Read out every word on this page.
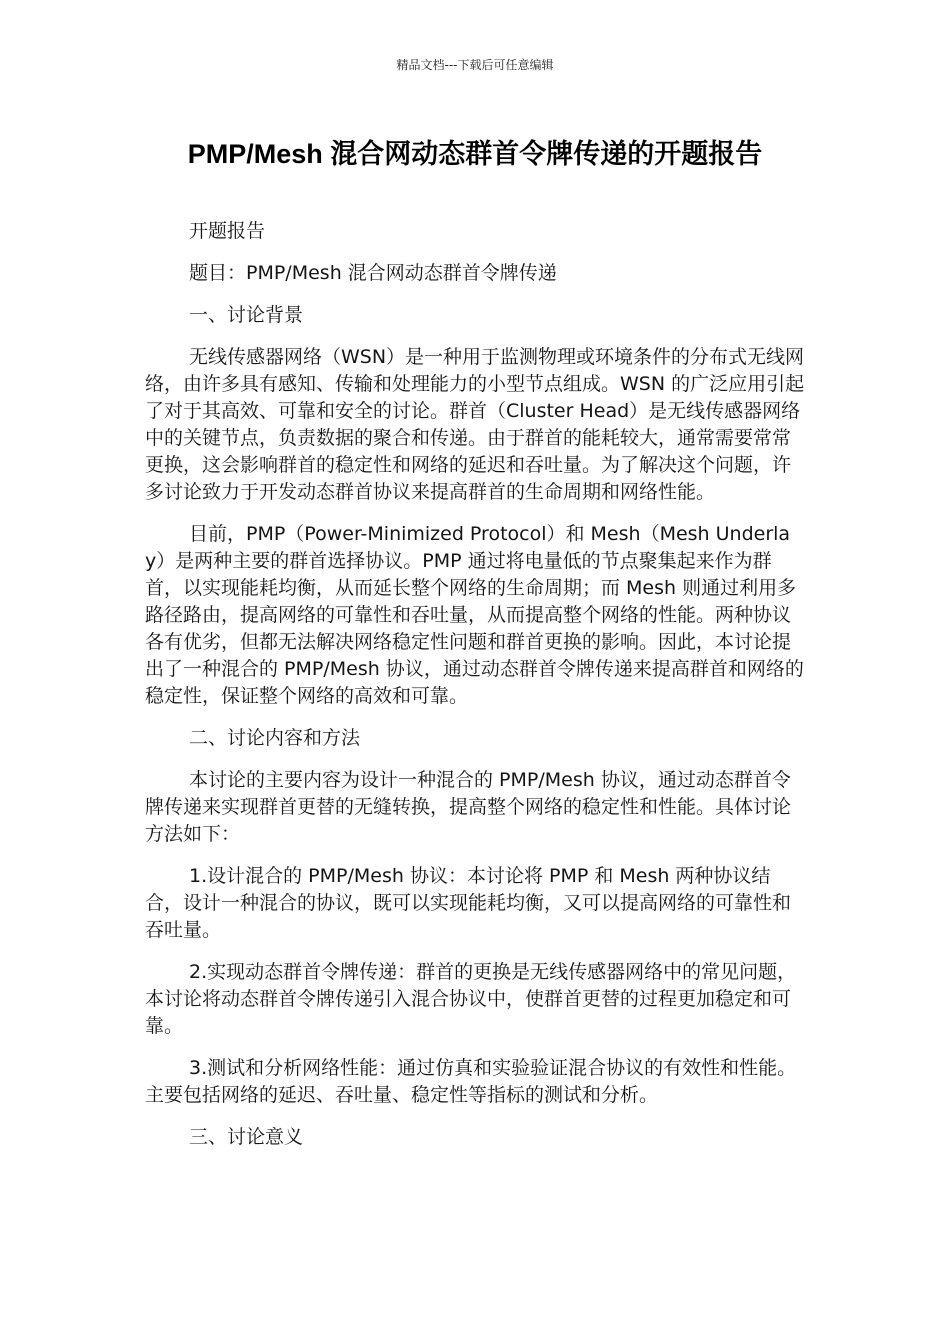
精品文档---下载后可任意编辑
PMP/Mesh 混合网动态群首令牌传递的开题报告

开题报告

题目：PMP/Mesh 混合网动态群首令牌传递

一、讨论背景

无线传感器网络（WSN）是一种用于监测物理或环境条件的分布式无线网络，由许多具有感知、传输和处理能力的小型节点组成。WSN 的广泛应用引起了对于其高效、可靠和安全的讨论。群首（Cluster Head）是无线传感器网络中的关键节点，负责数据的聚合和传递。由于群首的能耗较大，通常需要常常更换，这会影响群首的稳定性和网络的延迟和吞吐量。为了解决这个问题，许多讨论致力于开发动态群首协议来提高群首的生命周期和网络性能。

目前，PMP（Power-Minimized Protocol）和 Mesh（Mesh Underlay）是两种主要的群首选择协议。PMP 通过将电量低的节点聚集起来作为群首，以实现能耗均衡，从而延长整个网络的生命周期；而 Mesh 则通过利用多路径路由，提高网络的可靠性和吞吐量，从而提高整个网络的性能。两种协议各有优劣，但都无法解决网络稳定性问题和群首更换的影响。因此，本讨论提出了一种混合的 PMP/Mesh 协议，通过动态群首令牌传递来提高群首和网络的稳定性，保证整个网络的高效和可靠。

二、讨论内容和方法

本讨论的主要内容为设计一种混合的 PMP/Mesh 协议，通过动态群首令牌传递来实现群首更替的无缝转换，提高整个网络的稳定性和性能。具体讨论方法如下：

1.设计混合的 PMP/Mesh 协议：本讨论将 PMP 和 Mesh 两种协议结合，设计一种混合的协议，既可以实现能耗均衡，又可以提高网络的可靠性和吞吐量。

2.实现动态群首令牌传递：群首的更换是无线传感器网络中的常见问题，本讨论将动态群首令牌传递引入混合协议中，使群首更替的过程更加稳定和可靠。

3.测试和分析网络性能：通过仿真和实验验证混合协议的有效性和性能。主要包括网络的延迟、吞吐量、稳定性等指标的测试和分析。

三、讨论意义
